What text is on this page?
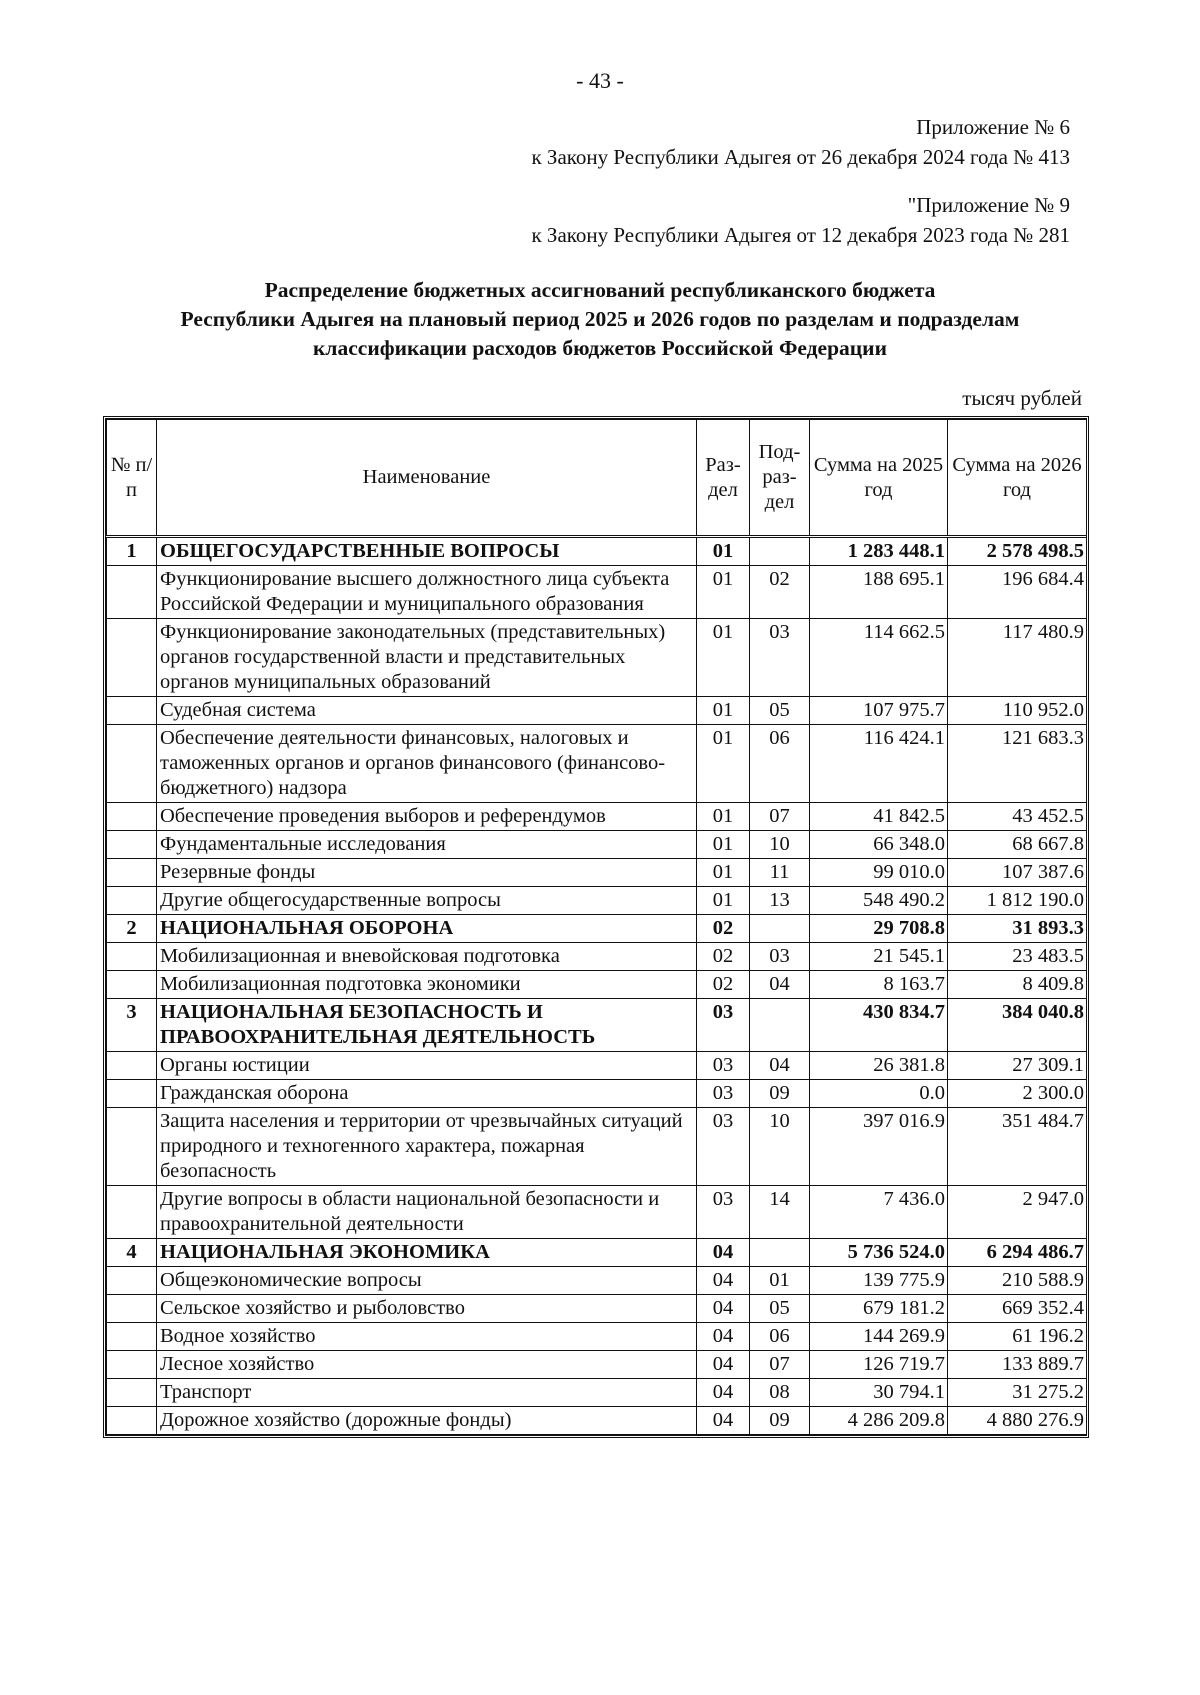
- 43 -
Приложение № 6
к Закону Республики Адыгея от 26 декабря 2024 года № 413
"Приложение № 9
к Закону Республики Адыгея от 12 декабря 2023 года № 281
Распределение бюджетных ассигнований республиканского бюджета
Республики Адыгея на плановый период 2025 и 2026 годов по разделам и подразделам
классификации расходов бюджетов Российской Федерации
тысяч рублей
№ п/п	Наименование	Раз-дел	Под-раз-дел	Сумма на 2025 год	Сумма на 2026 год
1	ОБЩЕГОСУДАРСТВЕННЫЕ ВОПРОСЫ	01		1 283 448.1	2 578 498.5
	Функционирование высшего должностного лица субъекта Российской Федерации и муниципального образования	01	02	188 695.1	196 684.4
	Функционирование законодательных (представительных) органов государственной власти и представительных органов муниципальных образований	01	03	114 662.5	117 480.9
	Судебная система	01	05	107 975.7	110 952.0
	Обеспечение деятельности финансовых, налоговых и таможенных органов и органов финансового (финансово-бюджетного) надзора	01	06	116 424.1	121 683.3
	Обеспечение проведения выборов и референдумов	01	07	41 842.5	43 452.5
	Фундаментальные исследования	01	10	66 348.0	68 667.8
	Резервные фонды	01	11	99 010.0	107 387.6
	Другие общегосударственные вопросы	01	13	548 490.2	1 812 190.0
2	НАЦИОНАЛЬНАЯ ОБОРОНА	02		29 708.8	31 893.3
	Мобилизационная и вневойсковая подготовка	02	03	21 545.1	23 483.5
	Мобилизационная подготовка экономики	02	04	8 163.7	8 409.8
3	НАЦИОНАЛЬНАЯ БЕЗОПАСНОСТЬ И ПРАВООХРАНИТЕЛЬНАЯ ДЕЯТЕЛЬНОСТЬ	03		430 834.7	384 040.8
	Органы юстиции	03	04	26 381.8	27 309.1
	Гражданская оборона	03	09	0.0	2 300.0
	Защита населения и территории от чрезвычайных ситуаций природного и техногенного характера, пожарная безопасность	03	10	397 016.9	351 484.7
	Другие вопросы в области национальной безопасности и правоохранительной деятельности	03	14	7 436.0	2 947.0
4	НАЦИОНАЛЬНАЯ ЭКОНОМИКА	04		5 736 524.0	6 294 486.7
	Общеэкономические вопросы	04	01	139 775.9	210 588.9
	Сельское хозяйство и рыболовство	04	05	679 181.2	669 352.4
	Водное хозяйство	04	06	144 269.9	61 196.2
	Лесное хозяйство	04	07	126 719.7	133 889.7
	Транспорт	04	08	30 794.1	31 275.2
	Дорожное хозяйство (дорожные фонды)	04	09	4 286 209.8	4 880 276.9
